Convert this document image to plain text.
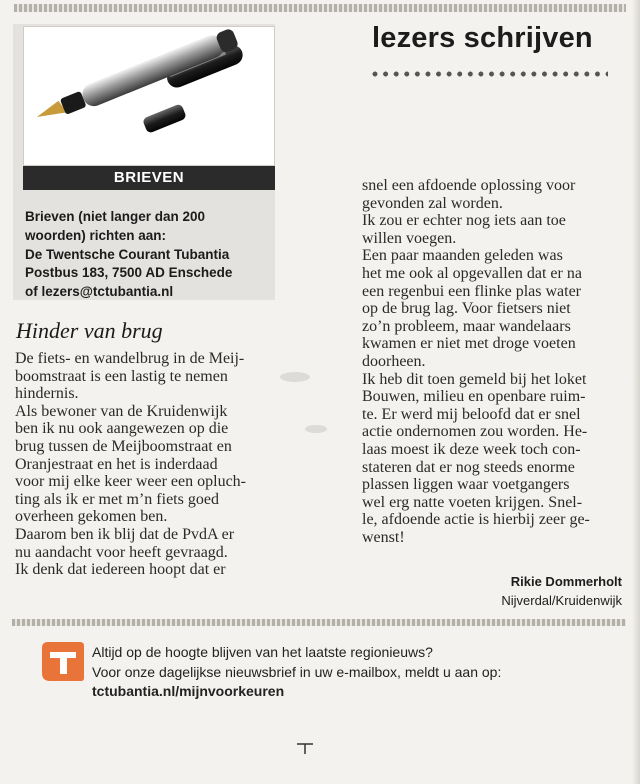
BRIEVEN
Brieven (niet langer dan 200
woorden) richten aan:
De Twentsche Courant Tubantia
Postbus 183, 7500 AD Enschede
of lezers@tctubantia.nl
lezers schrijven
Hinder van brug
De fiets- en wandelbrug in de Meij-
boomstraat is een lastig te nemen
hindernis.
Als bewoner van de Kruidenwijk
ben ik nu ook aangewezen op die
brug tussen de Meijboomstraat en
Oranjestraat en het is inderdaad
voor mij elke keer weer een opluch-
ting als ik er met m’n fiets goed
overheen gekomen ben.
Daarom ben ik blij dat de PvdA er
nu aandacht voor heeft gevraagd.
Ik denk dat iedereen hoopt dat er
snel een afdoende oplossing voor
gevonden zal worden.
Ik zou er echter nog iets aan toe
willen voegen.
Een paar maanden geleden was
het me ook al opgevallen dat er na
een regenbui een flinke plas water
op de brug lag. Voor fietsers niet
zo’n probleem, maar wandelaars
kwamen er niet met droge voeten
doorheen.
Ik heb dit toen gemeld bij het loket
Bouwen, milieu en openbare ruim-
te. Er werd mij beloofd dat er snel
actie ondernomen zou worden. He-
laas moest ik deze week toch con-
stateren dat er nog steeds enorme
plassen liggen waar voetgangers
wel erg natte voeten krijgen. Snel-
le, afdoende actie is hierbij zeer ge-
wenst!
Rikie Dommerholt
Nijverdal/Kruidenwijk
Altijd op de hoogte blijven van het laatste regionieuws?
Voor onze dagelijkse nieuwsbrief in uw e-mailbox, meldt u aan op:
tctubantia.nl/mijnvoorkeuren
